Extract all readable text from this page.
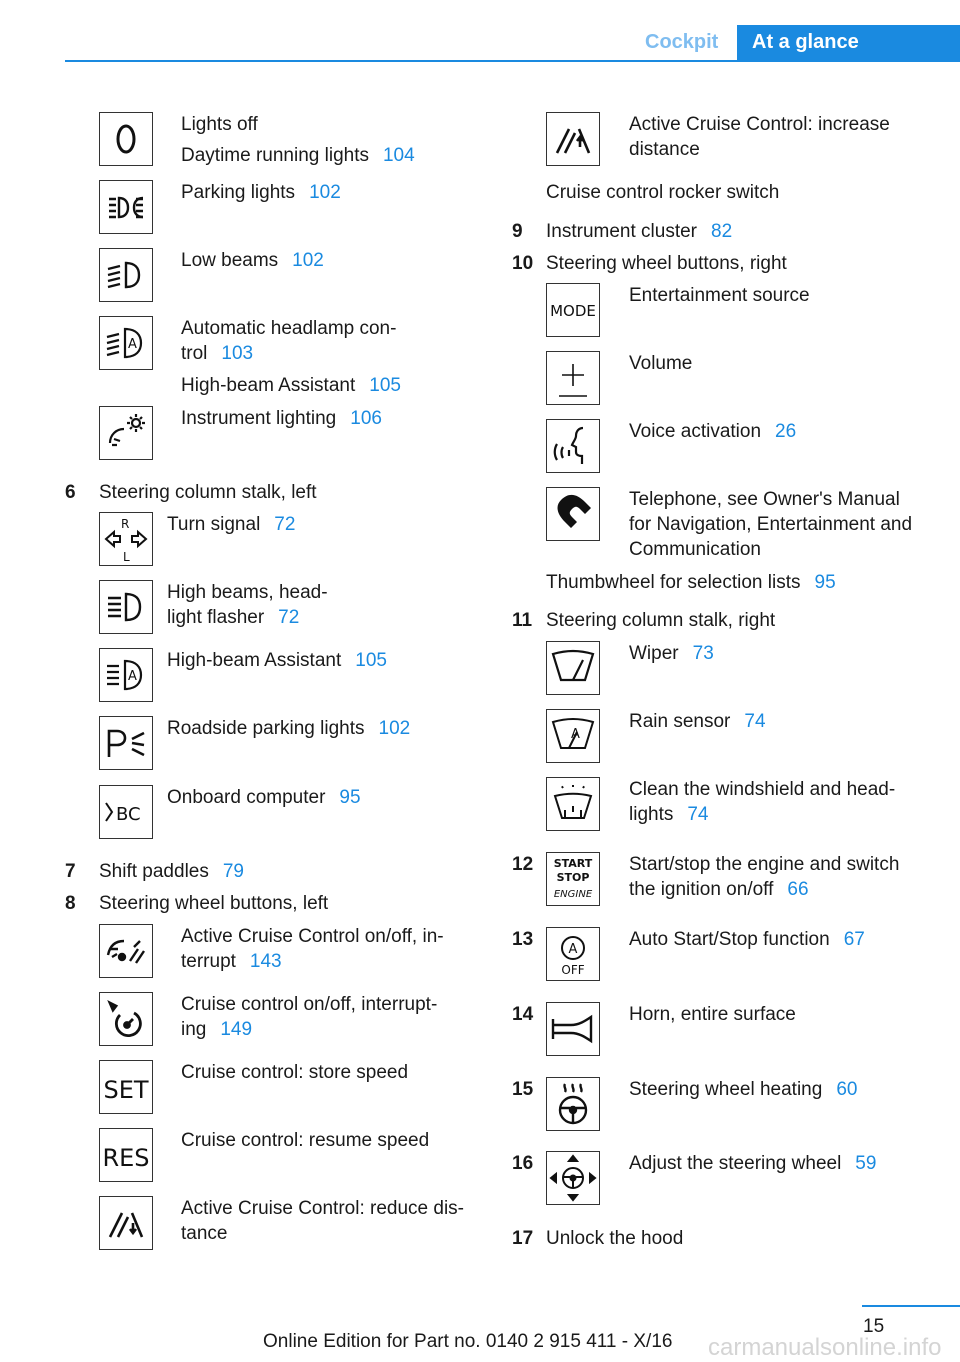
Cockpit	At a glance
Lights off
Daytime running lights 104
Parking lights 102
Low beams 102
A
Automatic headlamp con-
trol 103
High-beam Assistant 105
Instrument lighting 106
6 Steering column stalk, left
R
L
Turn signal 72
High beams, head-
light flasher 72
A
High-beam Assistant 105
Roadside parking lights 102
BC
Onboard computer 95
7 Shift paddles 79
8 Steering wheel buttons, left
Active Cruise Control on/off, in-
terrupt 143
Cruise control on/off, interrupt-
ing 149
SET
Cruise control: store speed
RES
Cruise control: resume speed
Active Cruise Control: reduce dis-
tance
Active Cruise Control: increase
distance
Cruise control rocker switch
9 Instrument cluster 82
10 Steering wheel buttons, right
MODE
Entertainment source
Volume
Voice activation 26
Telephone, see Owner's Manual
for Navigation, Entertainment and
Communication
Thumbwheel for selection lists 95
11 Steering column stalk, right
Wiper 73
A
Rain sensor 74
Clean the windshield and head-
lights 74
12 START
STOP
ENGINE
Start/stop the engine and switch
the ignition on/off 66
13	A
OFF
Auto Start/Stop function 67
14	Horn, entire surface
15	Steering wheel heating 60
16	Adjust the steering wheel 59
17 Unlock the hood
15
Online Edition for Part no. 0140 2 915 411 - X/16 carmanualsonline.info
